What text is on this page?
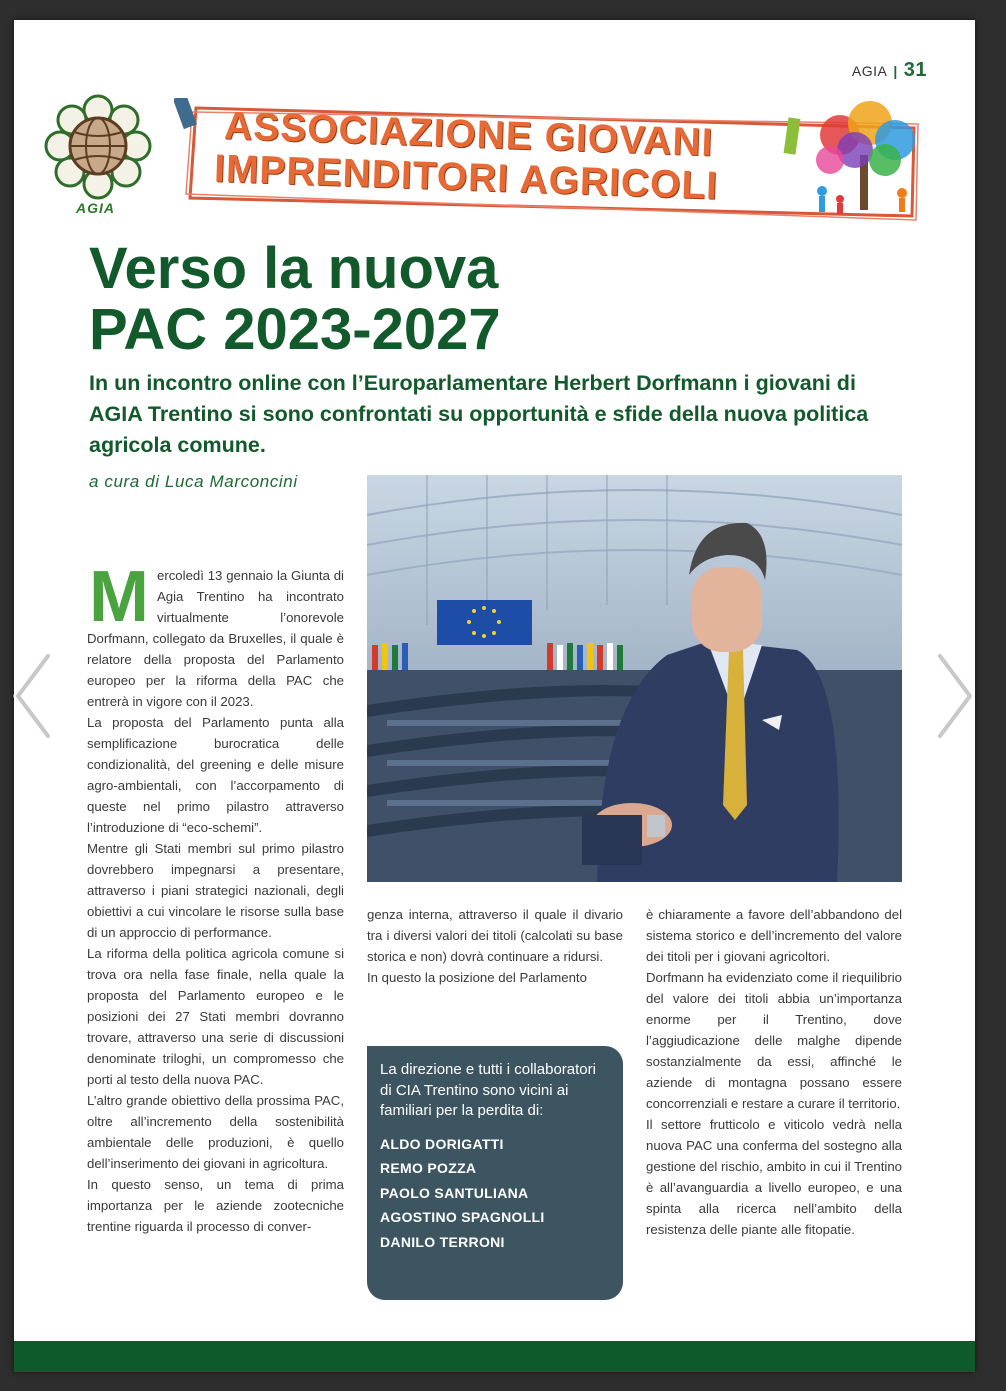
AGIA | 31
AGIA
ASSOCIAZIONE GIOVANI
IMPRENDITORI AGRICOLI
Verso la nuova
PAC 2023-2027

In un incontro online con l’Europarlamentare Herbert Dorfmann i giovani di AGIA Trentino si sono confrontati su opportunità e sfide della nuova politica agricola comune.

a cura di Luca Marconcini

Mercoledì 13 gennaio la Giunta di Agia Trentino ha incontrato virtualmente l’onorevole Dorfmann, collegato da Bruxelles, il quale è relatore della proposta del Parlamento europeo per la riforma della PAC che entrerà in vigore con il 2023.

La proposta del Parlamento punta alla semplificazione burocratica delle condizionalità, del greening e delle misure agro-ambientali, con l’accorpamento di queste nel primo pilastro attraverso l’introduzione di “eco-schemi”.

Mentre gli Stati membri sul primo pilastro dovrebbero impegnarsi a presentare, attraverso i piani strategici nazionali, degli obiettivi a cui vincolare le risorse sulla base di un approccio di performance.

La riforma della politica agricola comune si trova ora nella fase finale, nella quale la proposta del Parlamento europeo e le posizioni dei 27 Stati membri dovranno trovare, attraverso una serie di discussioni denominate triloghi, un compromesso che porti al testo della nuova PAC.

L’altro grande obiettivo della prossima PAC, oltre all’incremento della sostenibilità ambientale delle produzioni, è quello dell’inserimento dei giovani in agricoltura.

In questo senso, un tema di prima importanza per le aziende zootecniche trentine riguarda il processo di conver-

genza interna, attraverso il quale il divario tra i diversi valori dei titoli (calcolati su base storica e non) dovrà continuare a ridursi.

In questo la posizione del Parlamento

La direzione e tutti i collaboratori di CIA Trentino sono vicini ai familiari per la perdita di:

ALDO DORIGATTI
REMO POZZA
PAOLO SANTULIANA
AGOSTINO SPAGNOLLI
DANILO TERRONI

è chiaramente a favore dell’abbandono del sistema storico e dell’incremento del valore dei titoli per i giovani agricoltori.

Dorfmann ha evidenziato come il riequilibrio del valore dei titoli abbia un’importanza enorme per il Trentino, dove l’aggiudicazione delle malghe dipende sostanzialmente da essi, affinché le aziende di montagna possano essere concorrenziali e restare a curare il territorio.

Il settore frutticolo e viticolo vedrà nella nuova PAC una conferma del sostegno alla gestione del rischio, ambito in cui il Trentino è all’avanguardia a livello europeo, e una spinta alla ricerca nell’ambito della resistenza delle piante alle fitopatie.
